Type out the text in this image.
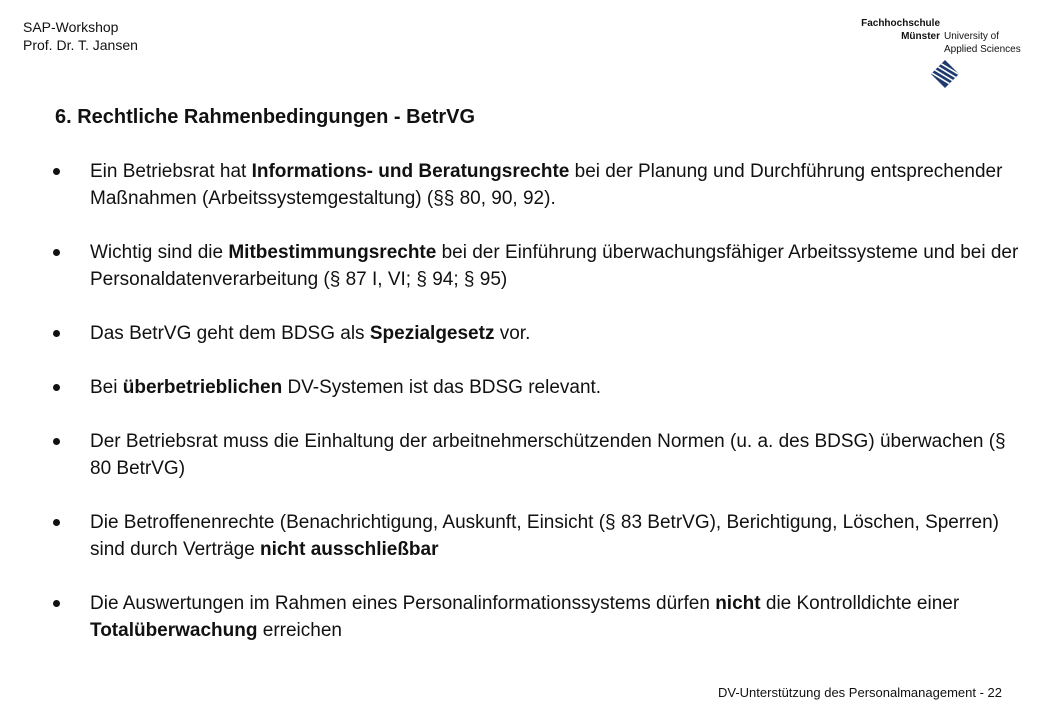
SAP-Workshop
Prof. Dr. T. Jansen
Fachhochschule
Münster University of
Applied Sciences
6. Rechtliche Rahmenbedingungen - BetrVG
Ein Betriebsrat hat Informations- und Beratungsrechte bei der Planung und Durchführung entsprechender Maßnahmen (Arbeitssystemgestaltung) (§§ 80, 90, 92).
Wichtig sind die Mitbestimmungsrechte bei der Einführung überwachungsfähiger Arbeitssysteme und bei der Personaldatenverarbeitung (§ 87 I, VI; § 94; § 95)
Das BetrVG geht dem BDSG als Spezialgesetz vor.
Bei überbetrieblichen DV-Systemen ist das BDSG relevant.
Der Betriebsrat muss die Einhaltung der arbeitnehmerschützenden Normen (u. a. des BDSG) überwachen (§ 80 BetrVG)
Die Betroffenenrechte (Benachrichtigung, Auskunft, Einsicht (§ 83 BetrVG), Berichtigung, Löschen, Sperren) sind durch Verträge nicht ausschließbar
Die Auswertungen im Rahmen eines Personalinformationssystems dürfen nicht die Kontrolldichte einer Totalüberwachung erreichen
DV-Unterstützung des Personalmanagement - 22
